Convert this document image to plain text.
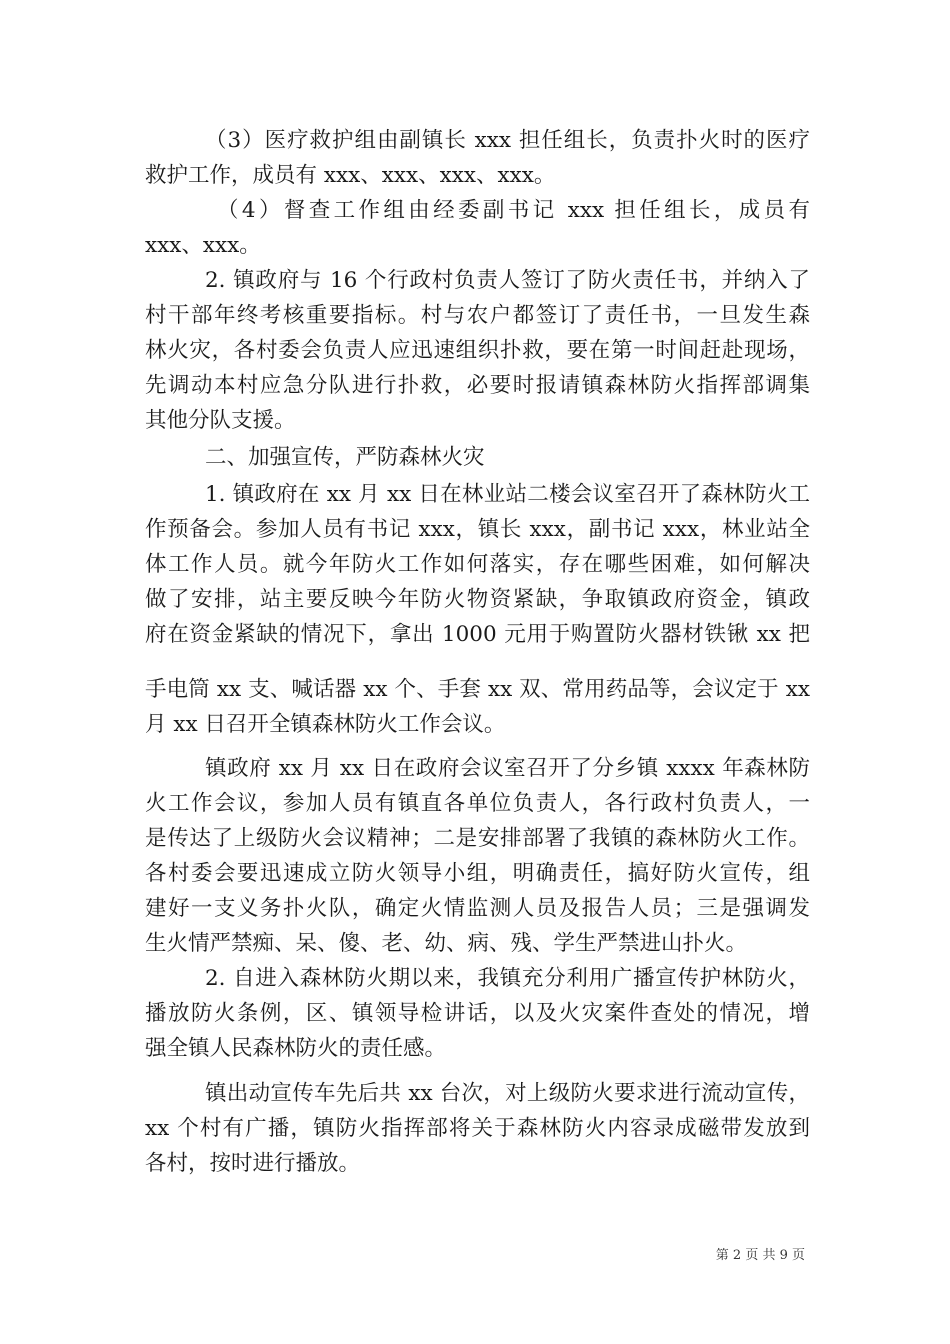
（3）医疗救护组由副镇长 xxx 担任组长，负责扑火时的医疗
救护工作，成员有 xxx、xxx、xxx、xxx。
（4）督查工作组由经委副书记 xxx 担任组长，成员有
xxx、xxx。
2. 镇政府与 16 个行政村负责人签订了防火责任书，并纳入了
村干部年终考核重要指标。村与农户都签订了责任书，一旦发生森
林火灾，各村委会负责人应迅速组织扑救，要在第一时间赶赴现场，
先调动本村应急分队进行扑救，必要时报请镇森林防火指挥部调集
其他分队支援。
二、加强宣传，严防森林火灾
1. 镇政府在 xx 月 xx 日在林业站二楼会议室召开了森林防火工
作预备会。参加人员有书记 xxx，镇长 xxx，副书记 xxx，林业站全
体工作人员。就今年防火工作如何落实，存在哪些困难，如何解决
做了安排，站主要反映今年防火物资紧缺，争取镇政府资金，镇政
府在资金紧缺的情况下，拿出 1000 元用于购置防火器材铁锹 xx 把
手电筒 xx 支、喊话器 xx 个、手套 xx 双、常用药品等，会议定于 xx
月 xx 日召开全镇森林防火工作会议。
镇政府 xx 月 xx 日在政府会议室召开了分乡镇 xxxx 年森林防
火工作会议，参加人员有镇直各单位负责人，各行政村负责人，一
是传达了上级防火会议精神；二是安排部署了我镇的森林防火工作。
各村委会要迅速成立防火领导小组，明确责任，搞好防火宣传，组
建好一支义务扑火队，确定火情监测人员及报告人员；三是强调发
生火情严禁痴、呆、傻、老、幼、病、残、学生严禁进山扑火。
2. 自进入森林防火期以来，我镇充分利用广播宣传护林防火，
播放防火条例，区、镇领导检讲话，以及火灾案件查处的情况，增
强全镇人民森林防火的责任感。
镇出动宣传车先后共 xx 台次，对上级防火要求进行流动宣传，
xx 个村有广播，镇防火指挥部将关于森林防火内容录成磁带发放到
各村，按时进行播放。
第 2 页 共 9 页
